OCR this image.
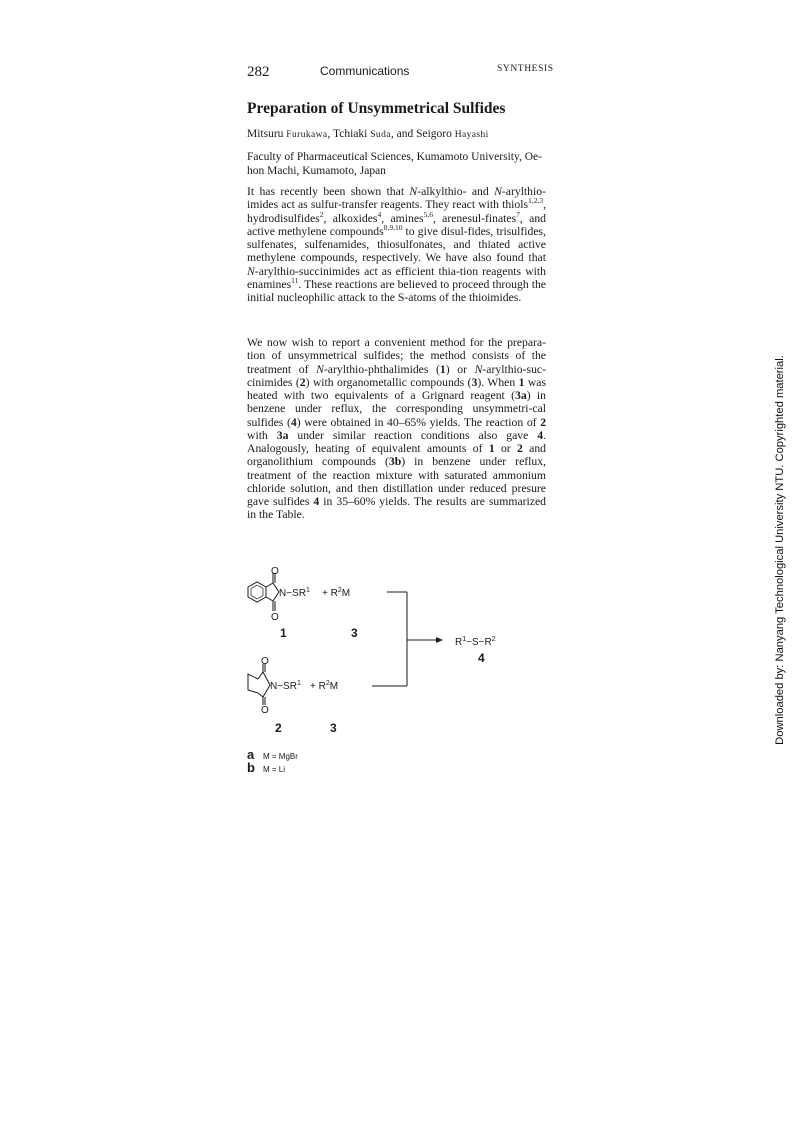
282	Communications	SYNTHESIS
Preparation of Unsymmetrical Sulfides
Mitsuru Furukawa, Tchiaki Suda, and Seigoro Hayashi
Faculty of Pharmaceutical Sciences, Kumamoto University, Oe-hon Machi, Kumamoto, Japan
It has recently been shown that N-alkylthio- and N-arylthio-imides act as sulfur-transfer reagents. They react with thiols$^{1,2,3}$, hydrodisulfides$^2$, alkoxides$^4$, amines$^{5,6}$, arenesul-finates$^7$, and active methylene compounds$^{8,9,10}$ to give disul-fides, trisulfides, sulfenates, sulfenamides, thiosulfonates, and thiated active methylene compounds, respectively. We have also found that N-arylthio-succinimides act as efficient thia-tion reagents with enamines$^{11}$. These reactions are believed to proceed through the initial nucleophilic attack to the S-atoms of the thioimides.
We now wish to report a convenient method for the prepara-tion of unsymmetrical sulfides; the method consists of the treatment of N-arylthio-phthalimides (1) or N-arylthio-suc-cinimides (2) with organometallic compounds (3). When 1 was heated with two equivalents of a Grignard reagent (3a) in benzene under reflux, the corresponding unsymmetri-cal sulfides (4) were obtained in 40–65% yields. The reaction of 2 with 3a under similar reaction conditions also gave 4. Analogously, heating of equivalent amounts of 1 or 2 and organolithium compounds (3b) in benzene under reflux, treatment of the reaction mixture with saturated ammonium chloride solution, and then distillation under reduced presure gave sulfides 4 in 35–60% yields. The results are summarized in the Table.
O
O
$N-SR^1 + R^2M$
1	3
$R^1-S-R^2$
4
O
O
$N-SR^1 + R^2M$
2	3
a M = MgBr
b M = Li
Downloaded by: Nanyang Technological University NTU. Copyrighted material.
